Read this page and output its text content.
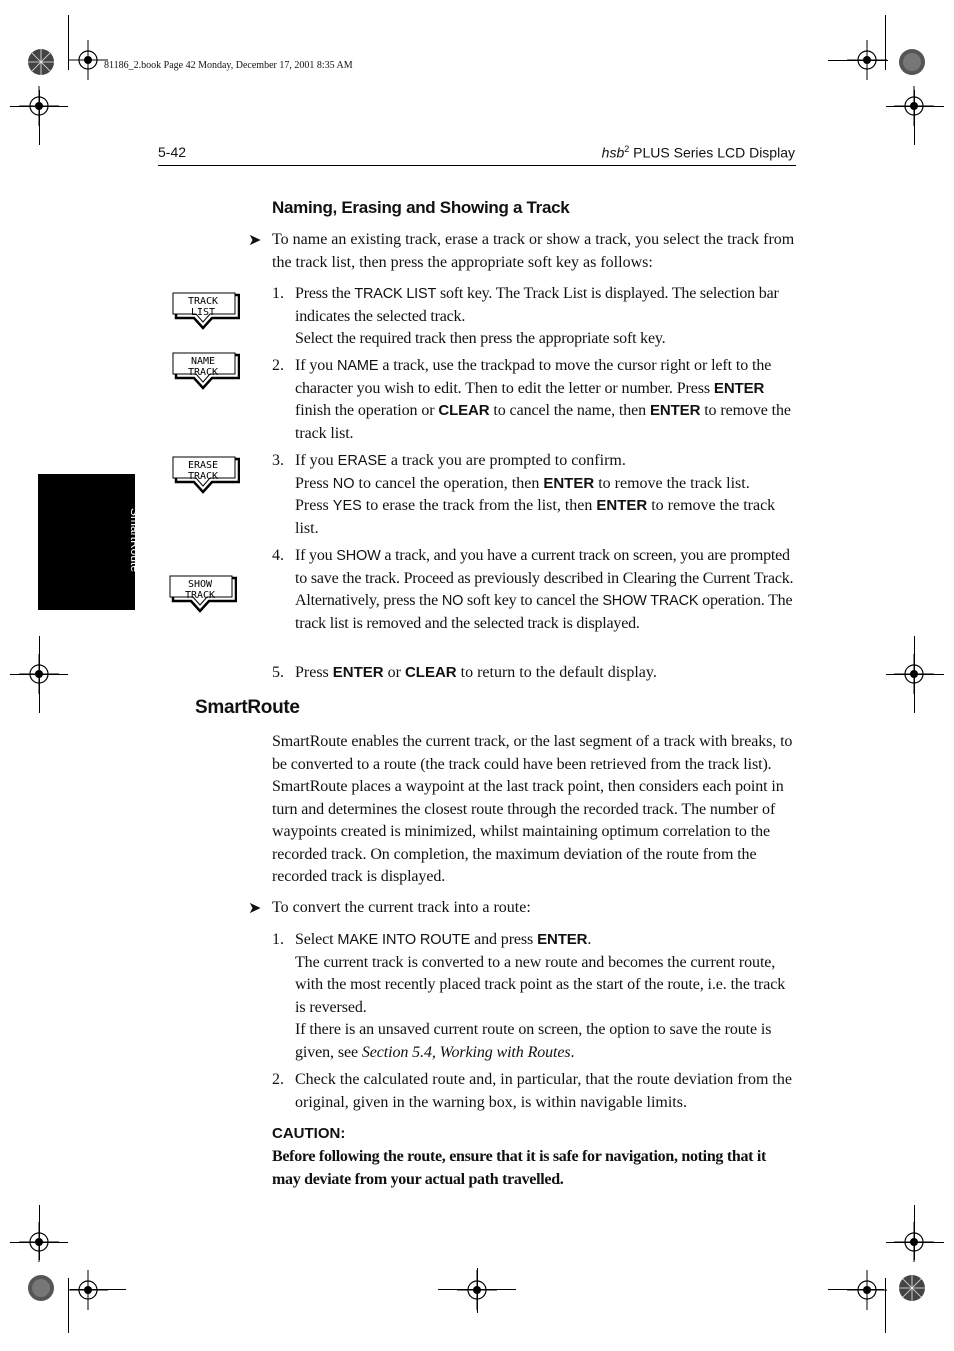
81186_2.book Page 42 Monday, December 17, 2001 8:35 AM
5-42	hsb$^2$ PLUS Series LCD Display
SmartRoute
Naming, Erasing and Showing a Track
➤ To name an existing track, erase a track or show a track, you select the track from the track list, then press the appropriate soft key as follows:
TRACK
LIST
NAME
TRACK
ERASE
TRACK
SHOW
TRACK
1. Press the TRACK LIST soft key. The Track List is displayed. The selection bar indicates the selected track.
Select the required track then press the appropriate soft key.
2. If you NAME a track, use the trackpad to move the cursor right or left to the character you wish to edit. Then to edit the letter or number. Press ENTER
finish the operation or CLEAR to cancel the name, then ENTER to remove the track list.
3. If you ERASE a track you are prompted to confirm.
Press NO to cancel the operation, then ENTER to remove the track list.
Press YES to erase the track from the list, then ENTER to remove the track list.
4. If you SHOW a track, and you have a current track on screen, you are prompted to save the track. Proceed as previously described in Clearing the Current Track.
Alternatively, press the NO soft key to cancel the SHOW TRACK operation. The track list is removed and the selected track is displayed.
5. Press ENTER or CLEAR to return to the default display.
SmartRoute
SmartRoute enables the current track, or the last segment of a track with breaks, to be converted to a route (the track could have been retrieved from the track list). SmartRoute places a waypoint at the last track point, then considers each point in turn and determines the closest route through the recorded track. The number of waypoints created is minimized, whilst maintaining optimum correlation to the recorded track. On completion, the maximum deviation of the route from the recorded track is displayed.
➤ To convert the current track into a route:
1. Select MAKE INTO ROUTE and press ENTER.
The current track is converted to a new route and becomes the current route, with the most recently placed track point as the start of the route, i.e. the track is reversed.
If there is an unsaved current route on screen, the option to save the route is given, see Section 5.4, Working with Routes.
2. Check the calculated route and, in particular, that the route deviation from the original, given in the warning box, is within navigable limits.
CAUTION:
Before following the route, ensure that it is safe for navigation, noting that it may deviate from your actual path travelled.
